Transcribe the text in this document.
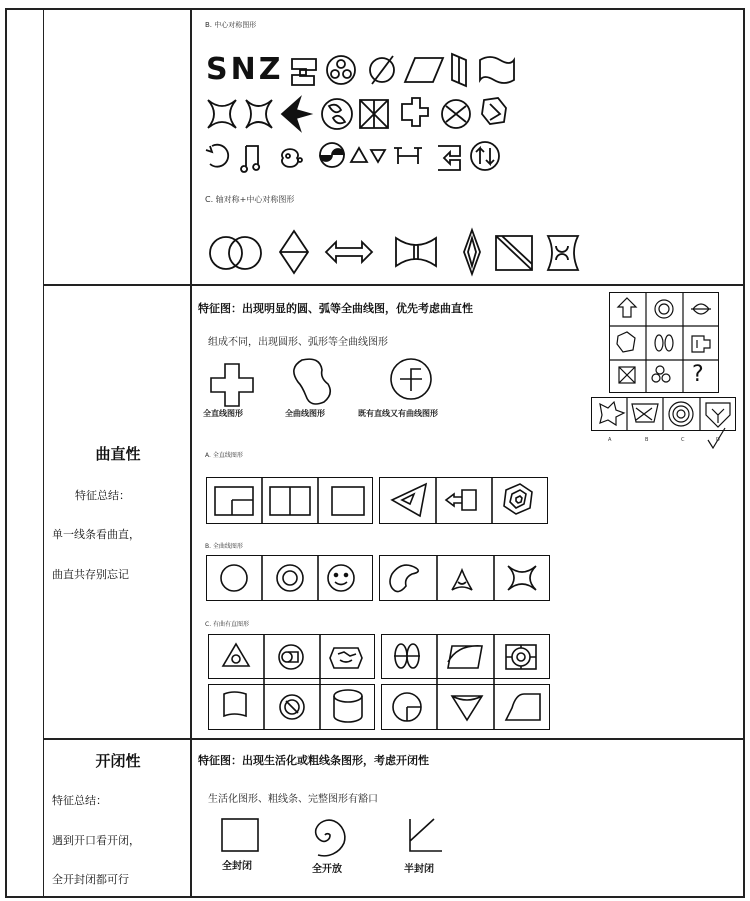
B. 中心对称图形
SNZ
C. 轴对称+中心对称图形
曲直性
特征总结：
单一线条看曲直，
曲直共存别忘记
特征图：出现明显的圆、弧等全曲线图，优先考虑曲直性
组成不同，出现圆形、弧形等全曲线图形
全直线图形	全曲线图形	既有直线又有曲线图形
?
A	B	C	D
A. 全直线图形
B. 全曲线图形
C. 有曲有直图形
开闭性
特征总结：
遇到开口看开闭，
全开封闭都可行
特征图：出现生活化或粗线条图形，考虑开闭性
生活化图形、粗线条、完整图形有豁口
全封闭	全开放	半封闭
